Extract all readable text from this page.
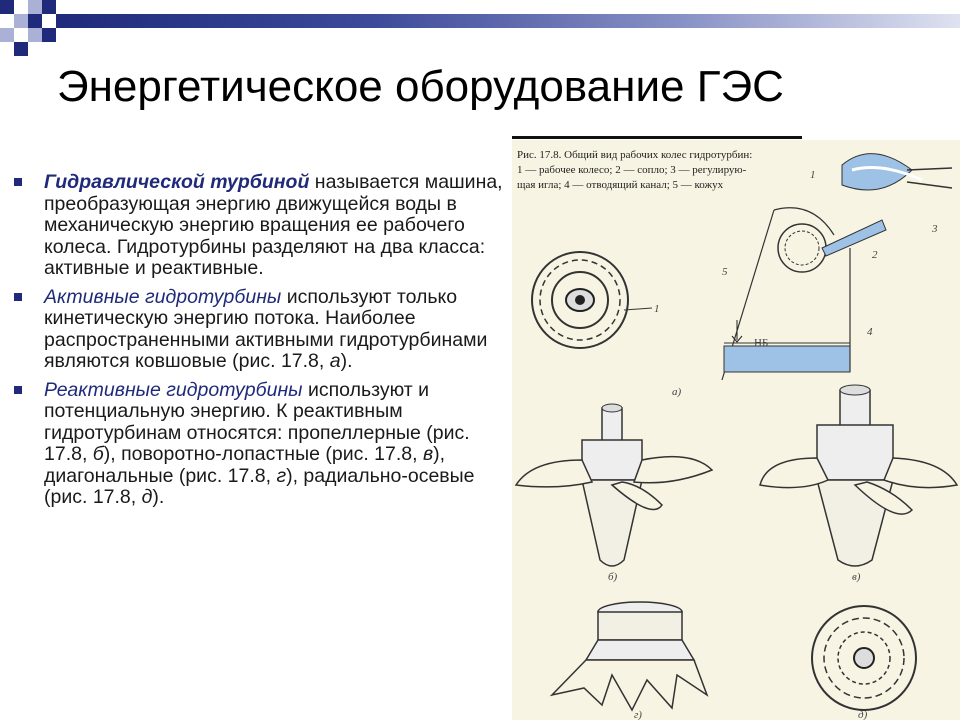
Энергетическое оборудование ГЭС
Гидравлической турбиной называется машина, преобразующая энергию движущейся воды в механическую энергию вращения ее рабочего колеса. Гидротурбины разделяют на два класса: активные и реактивные.
Активные гидротурбины используют только кинетическую энергию потока. Наиболее распространенными активными гидротурбинами являются ковшовые (рис. 17.8, а).
Реактивные гидротурбины используют и потенциальную энергию. К реактивным гидротурбинам относятся: пропеллерные (рис. 17.8, б), поворотно-лопастные (рис. 17.8, в), диагональные (рис. 17.8, г), радиально-осевые (рис. 17.8, д).
Рис. 17.8. Общий вид рабочих колес гидротурбин:
1 — рабочее колесо; 2 — сопло; 3 — регулирую-
щая игла; 4 — отводящий канал; 5 — кожух
1
а)
НБ
5
2
1
3
4
б)	в)
г)	д)
